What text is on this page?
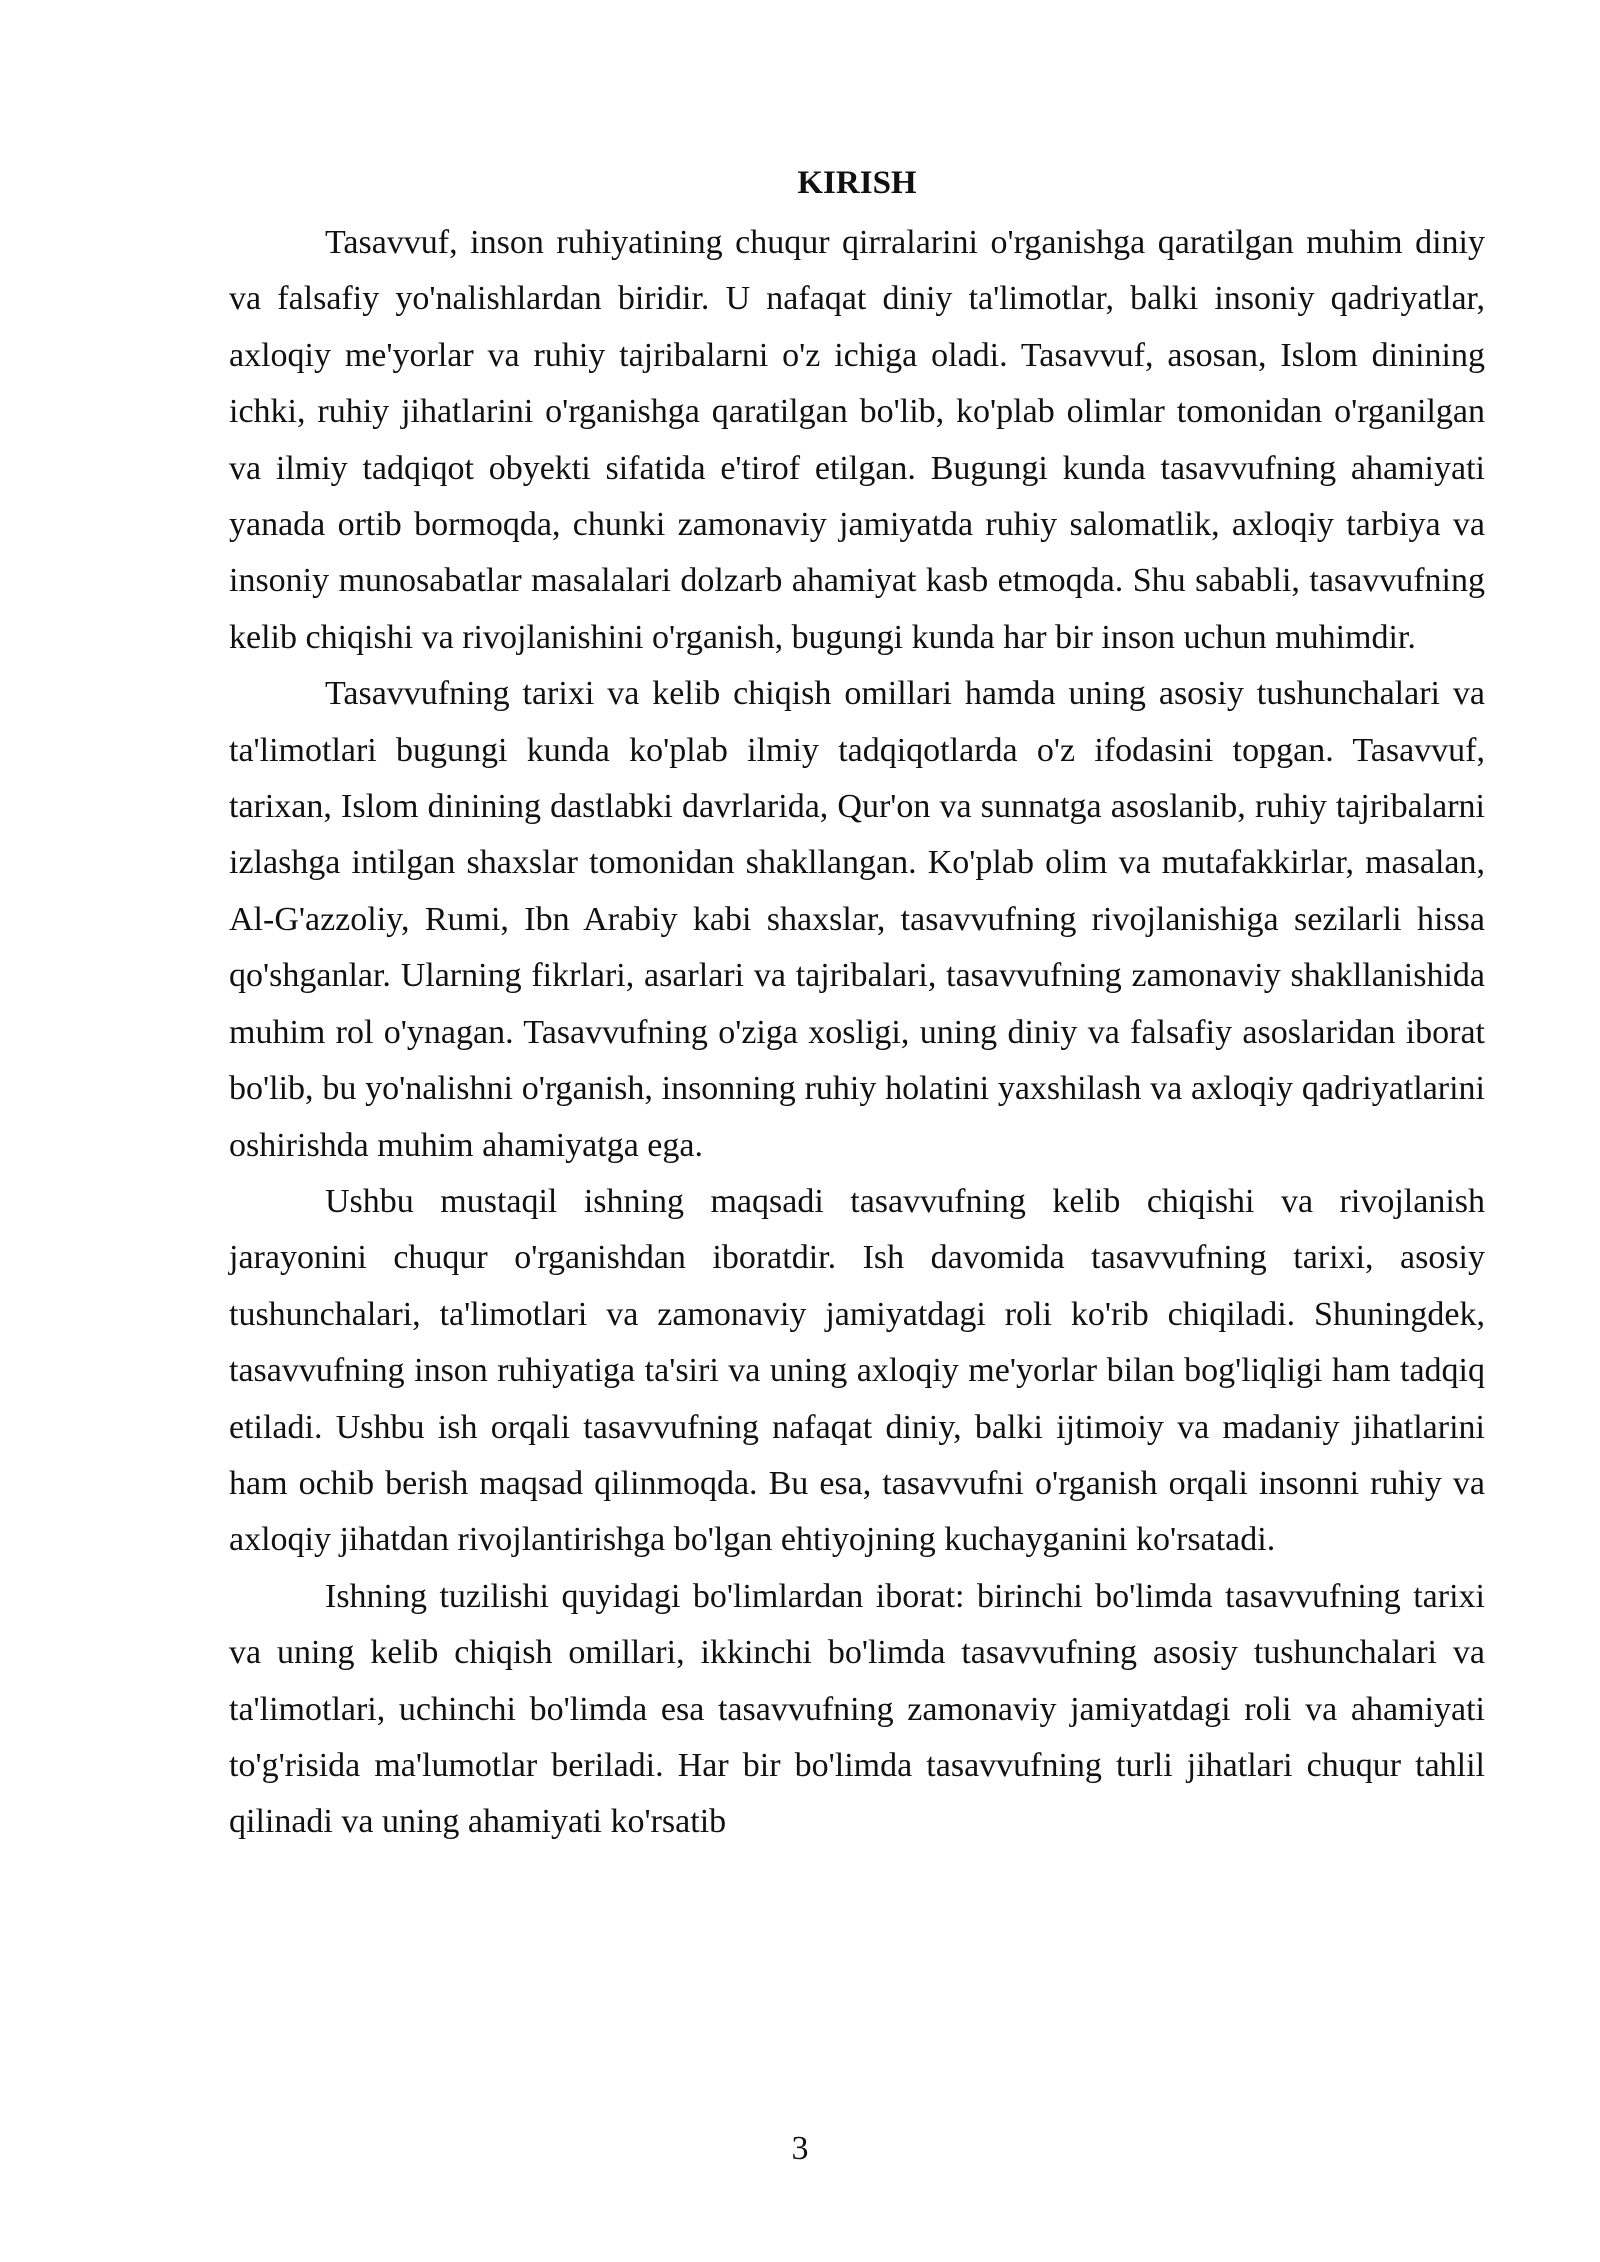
KIRISH

Tasavvuf, inson ruhiyatining chuqur qirralarini o'rganishga qaratilgan muhim diniy va falsafiy yo'nalishlardan biridir. U nafaqat diniy ta'limotlar, balki insoniy qadriyatlar, axloqiy me'yorlar va ruhiy tajribalarni o'z ichiga oladi. Tasavvuf, asosan, Islom dinining ichki, ruhiy jihatlarini o'rganishga qaratilgan bo'lib, ko'plab olimlar tomonidan o'rganilgan va ilmiy tadqiqot obyekti sifatida e'tirof etilgan. Bugungi kunda tasavvufning ahamiyati yanada ortib bormoqda, chunki zamonaviy jamiyatda ruhiy salomatlik, axloqiy tarbiya va insoniy munosabatlar masalalari dolzarb ahamiyat kasb etmoqda. Shu sababli, tasavvufning kelib chiqishi va rivojlanishini o'rganish, bugungi kunda har bir inson uchun muhimdir.

Tasavvufning tarixi va kelib chiqish omillari hamda uning asosiy tushunchalari va ta'limotlari bugungi kunda ko'plab ilmiy tadqiqotlarda o'z ifodasini topgan. Tasavvuf, tarixan, Islom dinining dastlabki davrlarida, Qur'on va sunnatga asoslanib, ruhiy tajribalarni izlashga intilgan shaxslar tomonidan shakllangan. Ko'plab olim va mutafakkirlar, masalan, Al-G'azzoliy, Rumi, Ibn Arabiy kabi shaxslar, tasavvufning rivojlanishiga sezilarli hissa qo'shganlar. Ularning fikrlari, asarlari va tajribalari, tasavvufning zamonaviy shakllanishida muhim rol o'ynagan. Tasavvufning o'ziga xosligi, uning diniy va falsafiy asoslaridan iborat bo'lib, bu yo'nalishni o'rganish, insonning ruhiy holatini yaxshilash va axloqiy qadriyatlarini oshirishda muhim ahamiyatga ega.

Ushbu mustaqil ishning maqsadi tasavvufning kelib chiqishi va rivojlanish jarayonini chuqur o'rganishdan iboratdir. Ish davomida tasavvufning tarixi, asosiy tushunchalari, ta'limotlari va zamonaviy jamiyatdagi roli ko'rib chiqiladi. Shuningdek, tasavvufning inson ruhiyatiga ta'siri va uning axloqiy me'yorlar bilan bog'liqligi ham tadqiq etiladi. Ushbu ish orqali tasavvufning nafaqat diniy, balki ijtimoiy va madaniy jihatlarini ham ochib berish maqsad qilinmoqda. Bu esa, tasavvufni o'rganish orqali insonni ruhiy va axloqiy jihatdan rivojlantirishga bo'lgan ehtiyojning kuchayganini ko'rsatadi.

Ishning tuzilishi quyidagi bo'limlardan iborat: birinchi bo'limda tasavvufning tarixi va uning kelib chiqish omillari, ikkinchi bo'limda tasavvufning asosiy tushunchalari va ta'limotlari, uchinchi bo'limda esa tasavvufning zamonaviy jamiyatdagi roli va ahamiyati to'g'risida ma'lumotlar beriladi. Har bir bo'limda tasavvufning turli jihatlari chuqur tahlil qilinadi va uning ahamiyati ko'rsatib

3
